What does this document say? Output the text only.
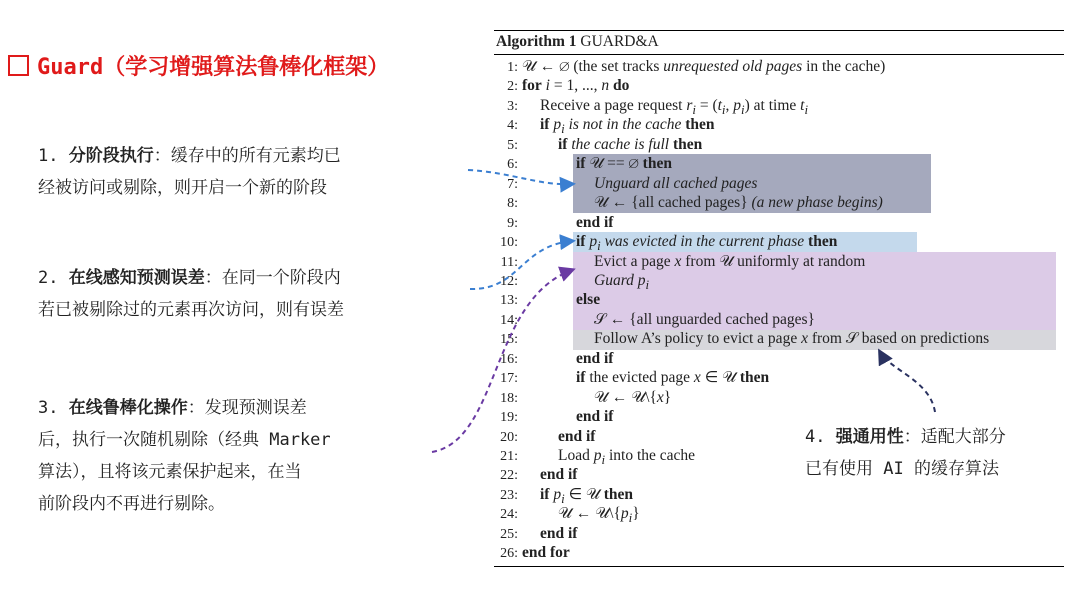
Guard（学习增强算法鲁棒化框架）
1. 分阶段执行：缓存中的所有元素均已
经被访问或剔除，则开启一个新的阶段
2. 在线感知预测误差：在同一个阶段内
若已被剔除过的元素再次访问，则有误差
3. 在线鲁棒化操作：发现预测误差
后，执行一次随机剔除（经典 Marker
算法），且将该元素保护起来，在当
前阶段内不再进行剔除。
4. 强通用性：适配大部分
已有使用 AI 的缓存算法
Algorithm 1 GUARD&A
1: 𝒰 ← ∅ (the set tracks unrequested old pages in the cache)
2: for i = 1, ..., n do
3: Receive a page request $r_i = (t_i$, $p_i$) at time $t_i$
4: if $p_i$ is not in the cache then
5:	if the cache is full then
6:	if 𝒰 == ∅ then
7:	Unguard all cached pages
8:	𝒰 ← {all cached pages} (a new phase begins)
9:	end if
10:	if $p_i$ was evicted in the current phase then
11:	Evict a page x from 𝒰 uniformly at random
12:	Guard $p_i$
13:	else
14:	𝒮 ← {all unguarded cached pages}
15:	Follow A’s policy to evict a page x from 𝒮 based on predictions
16:	end if
17:	if the evicted page x ∈ 𝒰 then
18:	𝒰 ← 𝒰\{x}
19:	end if
20:	end if
21:	Load $p_i$ into the cache
22: end if
23: if $p_i$ ∈ 𝒰 then
24:	𝒰 ← $𝒰\backslash\{p_i\}$
25: end if
26: end for
